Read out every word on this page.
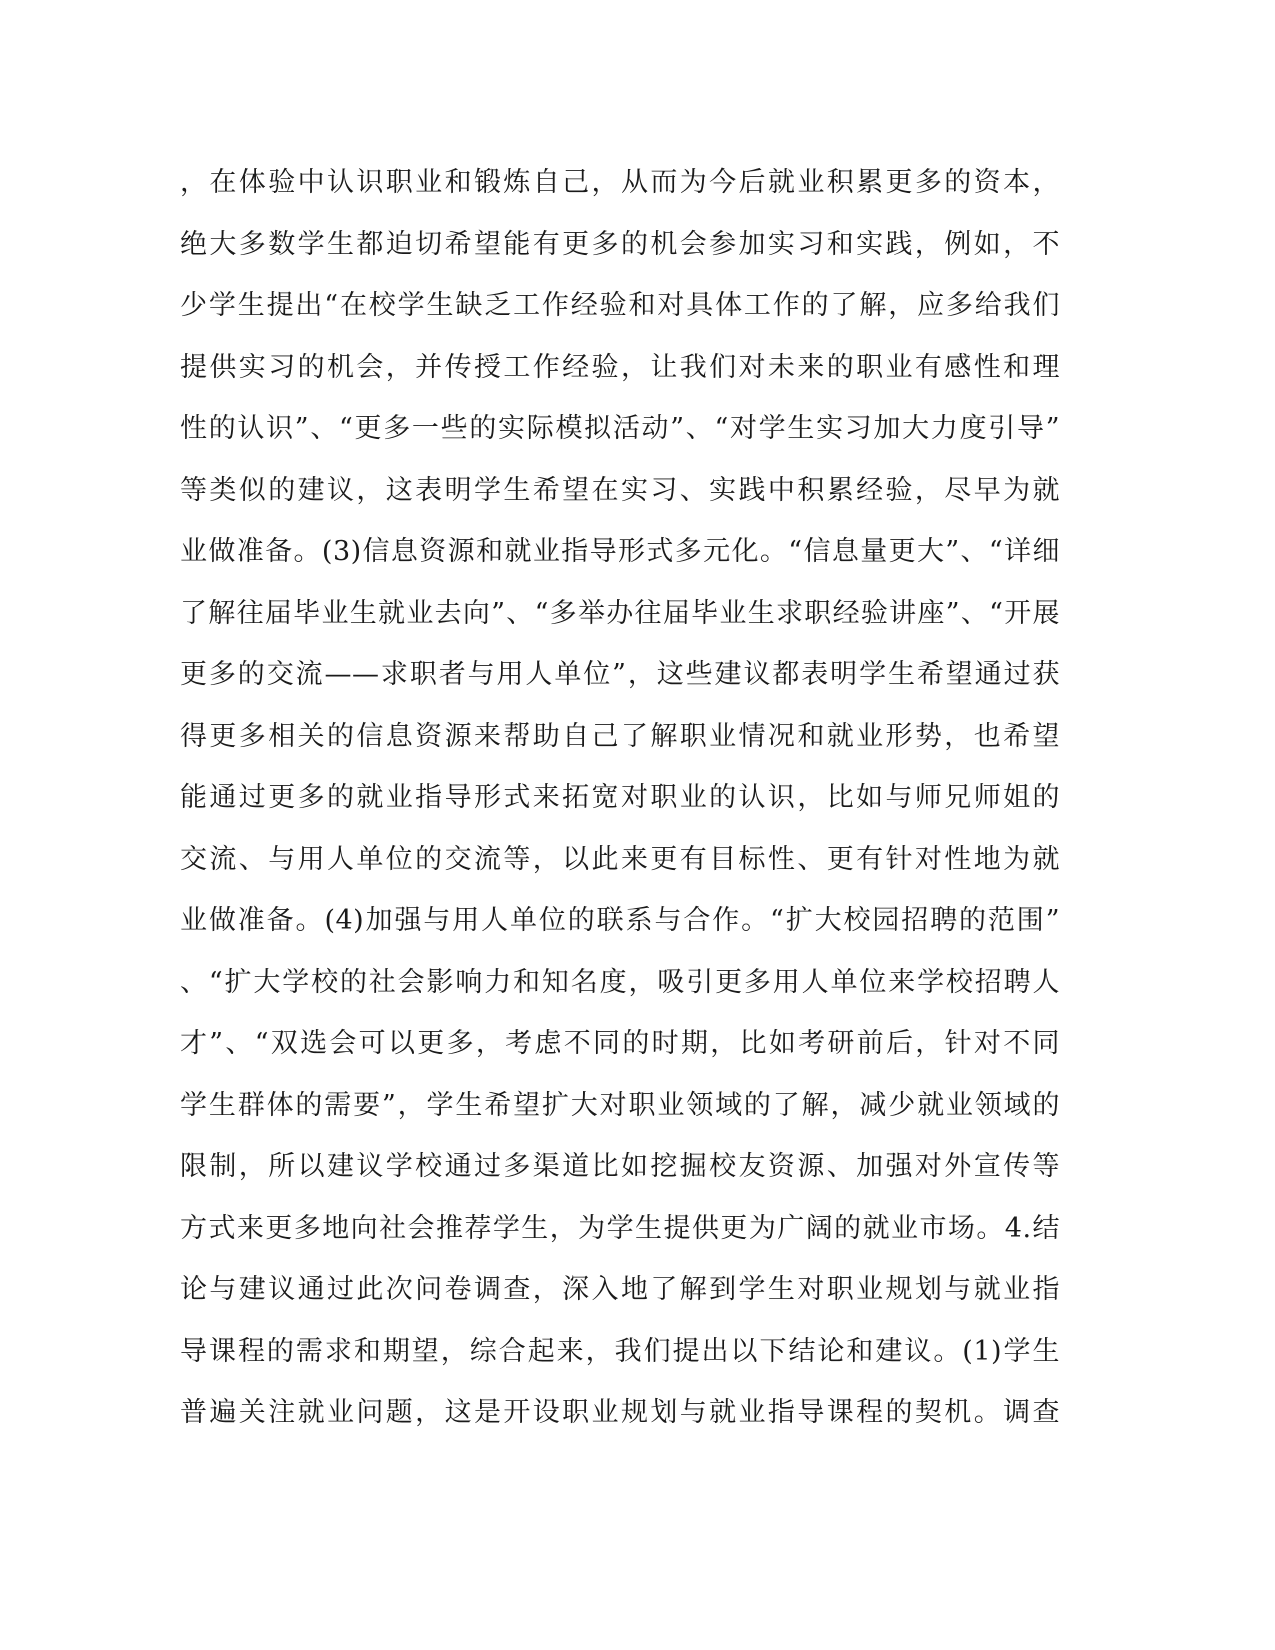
，在体验中认识职业和锻炼自己，从而为今后就业积累更多的资本，
绝大多数学生都迫切希望能有更多的机会参加实习和实践，例如，不
少学生提出“在校学生缺乏工作经验和对具体工作的了解，应多给我们
提供实习的机会，并传授工作经验，让我们对未来的职业有感性和理
性的认识”、“更多一些的实际模拟活动”、“对学生实习加大力度引导”
等类似的建议，这表明学生希望在实习、实践中积累经验，尽早为就
业做准备。(3)信息资源和就业指导形式多元化。“信息量更大”、“详细
了解往届毕业生就业去向”、“多举办往届毕业生求职经验讲座”、“开展
更多的交流——求职者与用人单位”，这些建议都表明学生希望通过获
得更多相关的信息资源来帮助自己了解职业情况和就业形势，也希望
能通过更多的就业指导形式来拓宽对职业的认识，比如与师兄师姐的
交流、与用人单位的交流等，以此来更有目标性、更有针对性地为就
业做准备。(4)加强与用人单位的联系与合作。“扩大校园招聘的范围”
、“扩大学校的社会影响力和知名度，吸引更多用人单位来学校招聘人
才”、“双选会可以更多，考虑不同的时期，比如考研前后，针对不同
学生群体的需要”，学生希望扩大对职业领域的了解，减少就业领域的
限制，所以建议学校通过多渠道比如挖掘校友资源、加强对外宣传等
方式来更多地向社会推荐学生，为学生提供更为广阔的就业市场。4.结
论与建议通过此次问卷调查，深入地了解到学生对职业规划与就业指
导课程的需求和期望，综合起来，我们提出以下结论和建议。(1)学生
普遍关注就业问题，这是开设职业规划与就业指导课程的契机。调查
